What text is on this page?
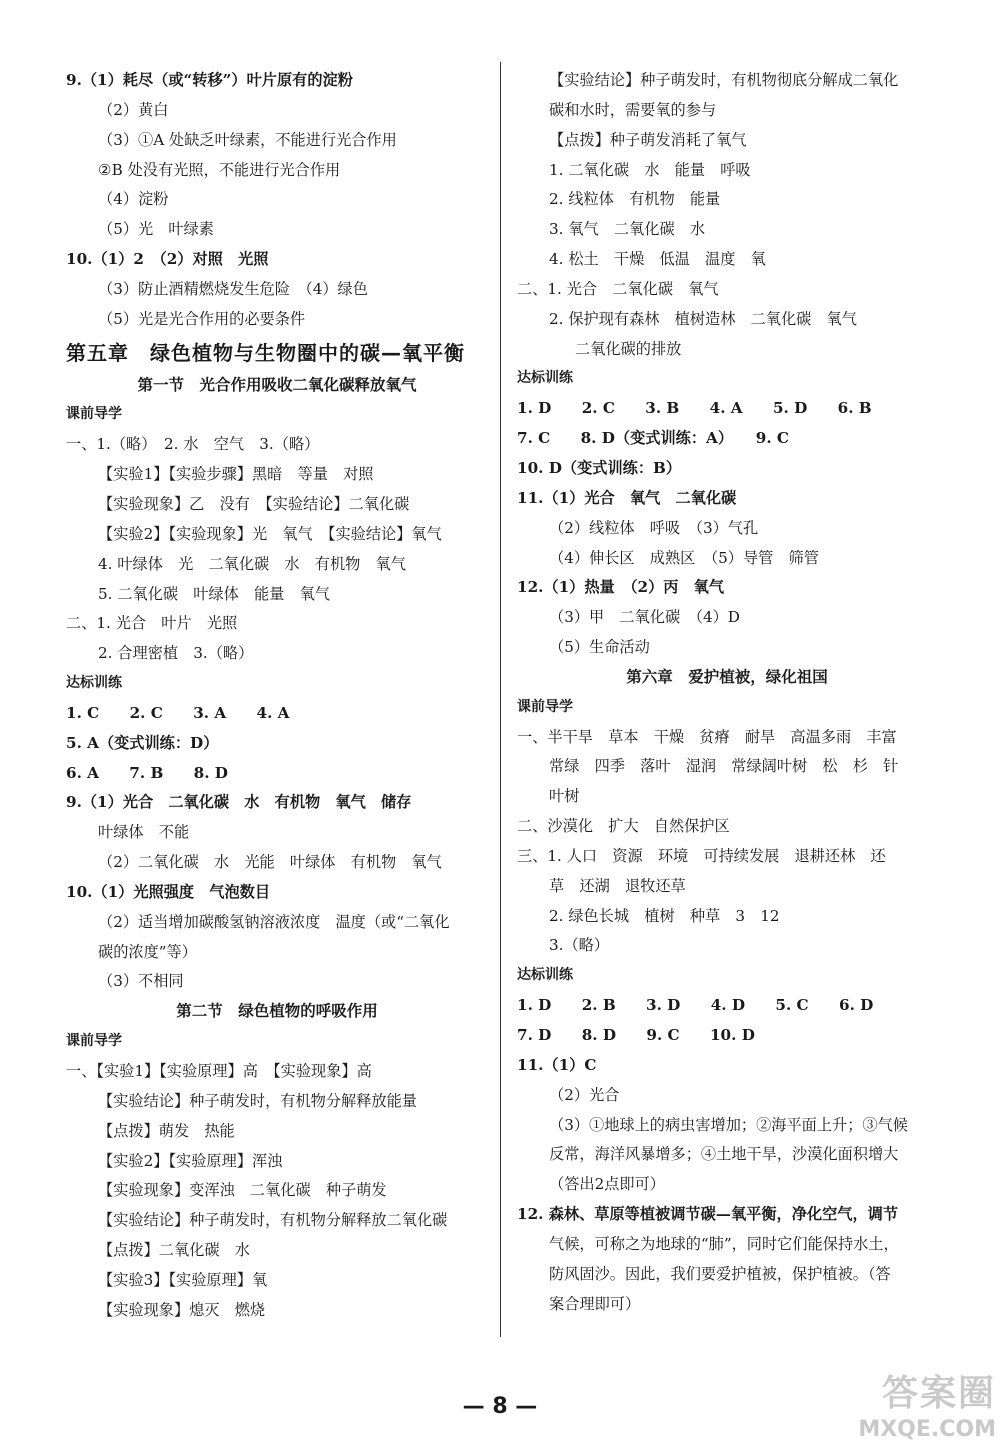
9.（1）耗尽（或“转移”）叶片原有的淀粉
（2）黄白
（3）①A 处缺乏叶绿素，不能进行光合作用
②B 处没有光照，不能进行光合作用
（4）淀粉
（5）光　叶绿素
10.（1）2　（2）对照　光照
（3）防止酒精燃烧发生危险　（4）绿色
（5）光是光合作用的必要条件
第五章　绿色植物与生物圈中的碳—氧平衡
第一节　光合作用吸收二氧化碳释放氧气
课前导学
一、1.（略）　2. 水　空气　3.（略）
【实验1】【实验步骤】黑暗　等量　对照
【实验现象】乙　没有　【实验结论】二氧化碳
【实验2】【实验现象】光　氧气　【实验结论】氧气
4. 叶绿体　光　二氧化碳　水　有机物　氧气
5. 二氧化碳　叶绿体　能量　氧气
二、1. 光合　叶片　光照
2. 合理密植　3.（略）
达标训练
1. C　　2. C　　3. A　　4. A
5. A（变式训练：D）
6. A　　7. B　　8. D
9.（1）光合　二氧化碳　水　有机物　氧气　储存
叶绿体　不能
（2）二氧化碳　水　光能　叶绿体　有机物　氧气
10.（1）光照强度　气泡数目
（2）适当增加碳酸氢钠溶液浓度　温度（或“二氧化
碳的浓度”等）
（3）不相同
第二节　绿色植物的呼吸作用
课前导学
一、【实验1】【实验原理】高　【实验现象】高
【实验结论】种子萌发时，有机物分解释放能量
【点拨】萌发　热能
【实验2】【实验原理】浑浊
【实验现象】变浑浊　二氧化碳　种子萌发
【实验结论】种子萌发时，有机物分解释放二氧化碳
【点拨】二氧化碳　水
【实验3】【实验原理】氧
【实验现象】熄灭　燃烧
【实验结论】种子萌发时，有机物彻底分解成二氧化
碳和水时，需要氧的参与
【点拨】种子萌发消耗了氧气
1. 二氧化碳　水　能量　呼吸
2. 线粒体　有机物　能量
3. 氧气　二氧化碳　水
4. 松土　干燥　低温　温度　氧
二、1. 光合　二氧化碳　氧气
2. 保护现有森林　植树造林　二氧化碳　氧气
二氧化碳的排放
达标训练
1. D　　2. C　　3. B　　4. A　　5. D　　6. B
7. C　　8. D（变式训练：A）　　9. C
10. D（变式训练：B）
11.（1）光合　氧气　二氧化碳
（2）线粒体　呼吸　（3）气孔
（4）伸长区　成熟区　（5）导管　筛管
12.（1）热量　（2）丙　氧气
（3）甲　二氧化碳　（4）D
（5）生命活动
第六章　爱护植被，绿化祖国
课前导学
一、半干旱　草本　干燥　贫瘠　耐旱　高温多雨　丰富
常绿　四季　落叶　湿润　常绿阔叶树　松　杉　针
叶树
二、沙漠化　扩大　自然保护区
三、1. 人口　资源　环境　可持续发展　退耕还林　还
草　还湖　退牧还草
2. 绿色长城　植树　种草　3　12
3.（略）
达标训练
1. D　　2. B　　3. D　　4. D　　5. C　　6. D
7. D　　8. D　　9. C　　10. D
11.（1）C
（2）光合
（3）①地球上的病虫害增加；②海平面上升；③气候
反常，海洋风暴增多；④土地干旱，沙漠化面积增大
（答出2点即可）
12. 森林、草原等植被调节碳—氧平衡，净化空气，调节
气候，可称之为地球的“肺”，同时它们能保持水土，
防风固沙。因此，我们要爱护植被，保护植被。（答
案合理即可）
— 8 —	答案圈
MXQE.COM
